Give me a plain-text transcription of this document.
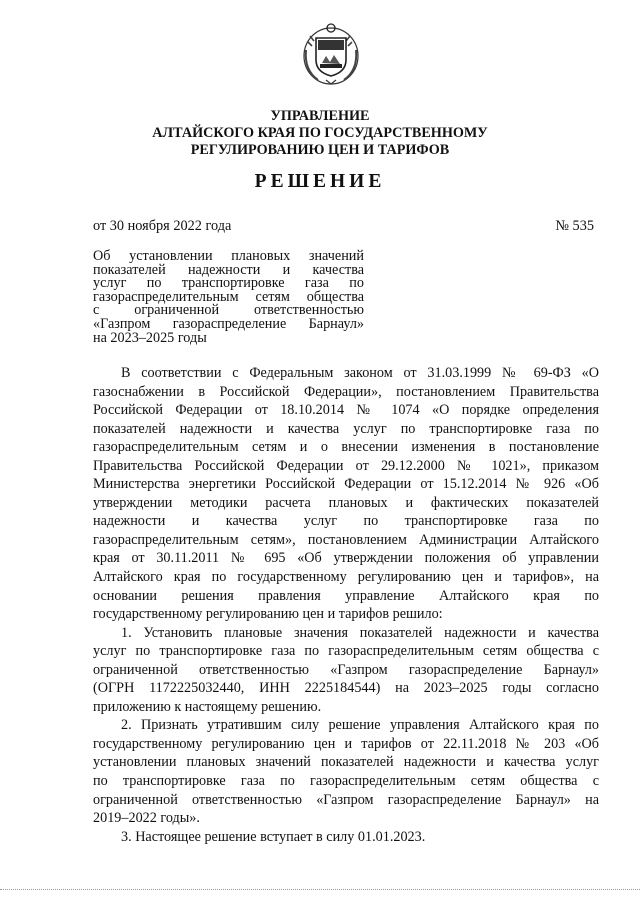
УПРАВЛЕНИЕ
АЛТАЙСКОГО КРАЯ ПО ГОСУДАРСТВЕННОМУ
РЕГУЛИРОВАНИЮ ЦЕН И ТАРИФОВ
РЕШЕНИЕ
от 30 ноября 2022 года	№ 535
Об установлении плановых значений
показателей надежности и качества
услуг по транспортировке газа по
газораспределительным сетям общества
с ограниченной ответственностью
«Газпром газораспределение Барнаул»
на 2023–2025 годы
В соответствии с Федеральным законом от 31.03.1999 № 69-ФЗ «О
газоснабжении в Российской Федерации», постановлением Правительства
Российской Федерации от 18.10.2014 № 1074 «О порядке определения
показателей надежности и качества услуг по транспортировке газа по
газораспределительным сетям и о внесении изменения в постановление
Правительства Российской Федерации от 29.12.2000 № 1021», приказом
Министерства энергетики Российской Федерации от 15.12.2014 № 926 «Об
утверждении методики расчета плановых и фактических показателей
надежности и качества услуг по транспортировке газа по
газораспределительным сетям», постановлением Администрации Алтайского
края от 30.11.2011 № 695 «Об утверждении положения об управлении
Алтайского края по государственному регулированию цен и тарифов», на
основании решения правления управление Алтайского края по
государственному регулированию цен и тарифов решило:
1. Установить плановые значения показателей надежности и качества
услуг по транспортировке газа по газораспределительным сетям общества с
ограниченной ответственностью «Газпром газораспределение Барнаул»
(ОГРН 1172225032440, ИНН 2225184544) на 2023–2025 годы согласно
приложению к настоящему решению.
2. Признать утратившим силу решение управления Алтайского края по
государственному регулированию цен и тарифов от 22.11.2018 № 203 «Об
установлении плановых значений показателей надежности и качества услуг
по транспортировке газа по газораспределительным сетям общества с
ограниченной ответственностью «Газпром газораспределение Барнаул» на
2019–2022 годы».
3. Настоящее решение вступает в силу 01.01.2023.
